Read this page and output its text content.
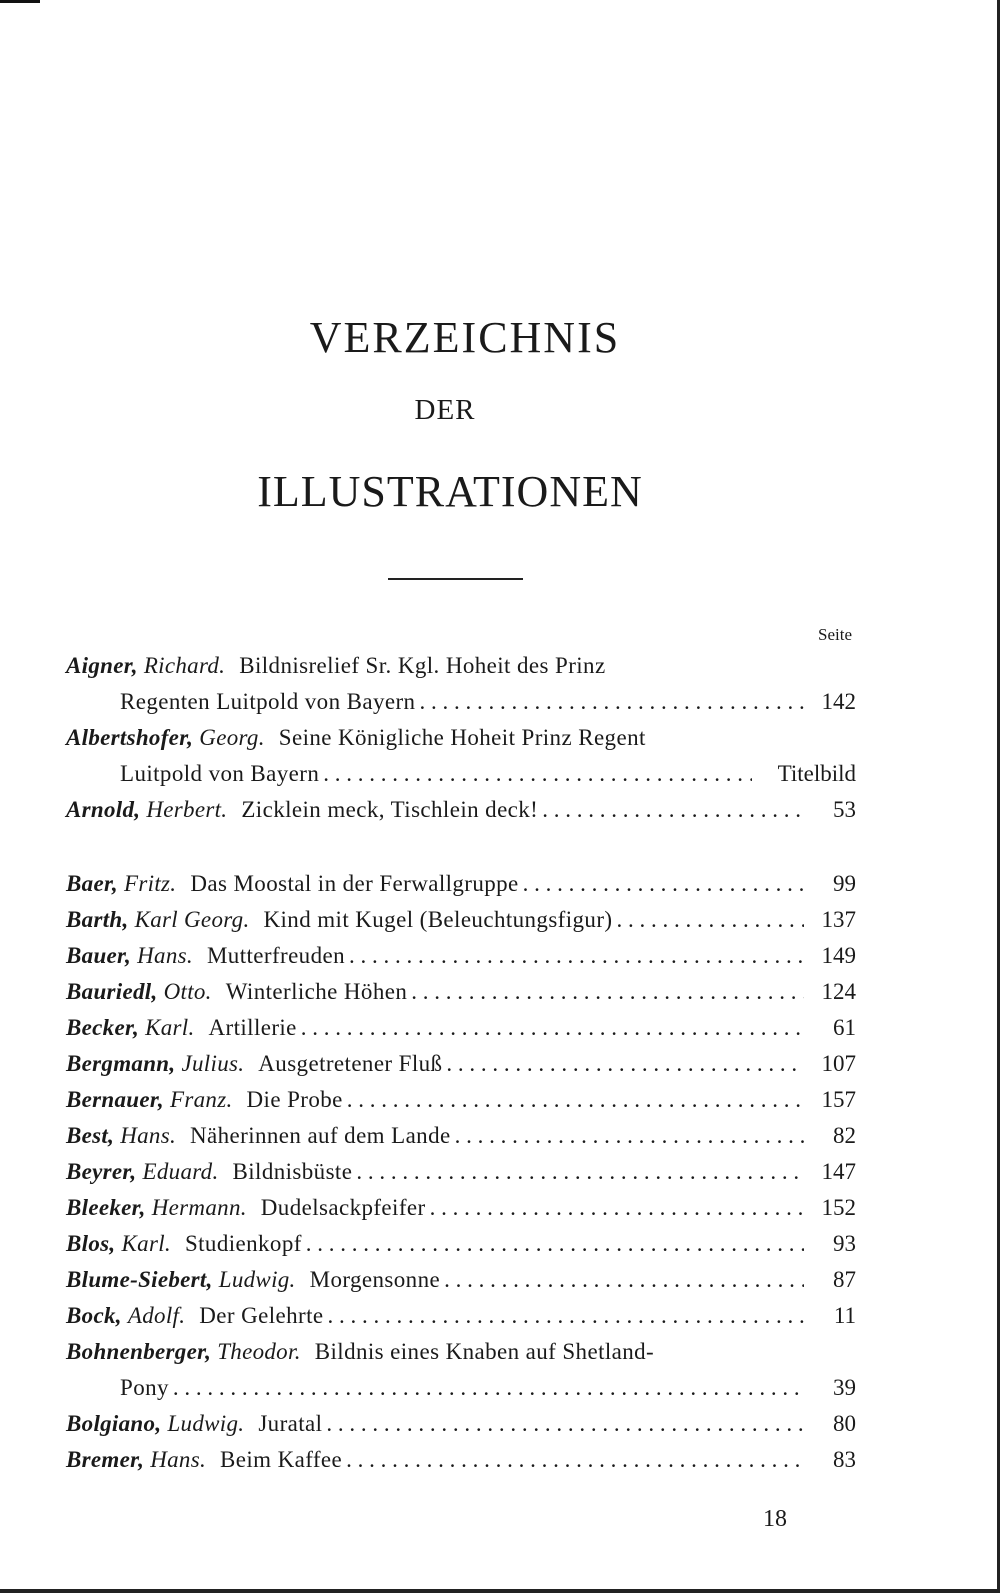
VERZEICHNIS
DER
ILLUSTRATIONEN
Seite
Aigner, Richard. Bildnisrelief Sr. Kgl. Hoheit des Prinz
Regenten Luitpold von Bayern . . .	142
Albertshofer, Georg. Seine Königliche Hoheit Prinz Regent
Luitpold von Bayern . . .	Titelbild
Arnold, Herbert. Zicklein meck, Tischlein deck! . . .	53
Baer, Fritz. Das Moostal in der Ferwallgruppe . . .	99
Barth, Karl Georg. Kind mit Kugel (Beleuchtungsfigur) . . .	137
Bauer, Hans. Mutterfreuden . . .	149
Bauriedl, Otto. Winterliche Höhen . . .	124
Becker, Karl. Artillerie . . .	61
Bergmann, Julius. Ausgetretener Fluß . . .	107
Bernauer, Franz. Die Probe . . .	157
Best, Hans. Näherinnen auf dem Lande . . .	82
Beyrer, Eduard. Bildnisbüste . . .	147
Bleeker, Hermann. Dudelsackpfeifer . . .	152
Blos, Karl. Studienkopf . . .	93
Blume-Siebert, Ludwig. Morgensonne . . .	87
Bock, Adolf. Der Gelehrte . . .	11
Bohnenberger, Theodor. Bildnis eines Knaben auf Shetland-
Pony . . .	39
Bolgiano, Ludwig. Juratal . . .	80
Bremer, Hans. Beim Kaffee . . .	83
18
